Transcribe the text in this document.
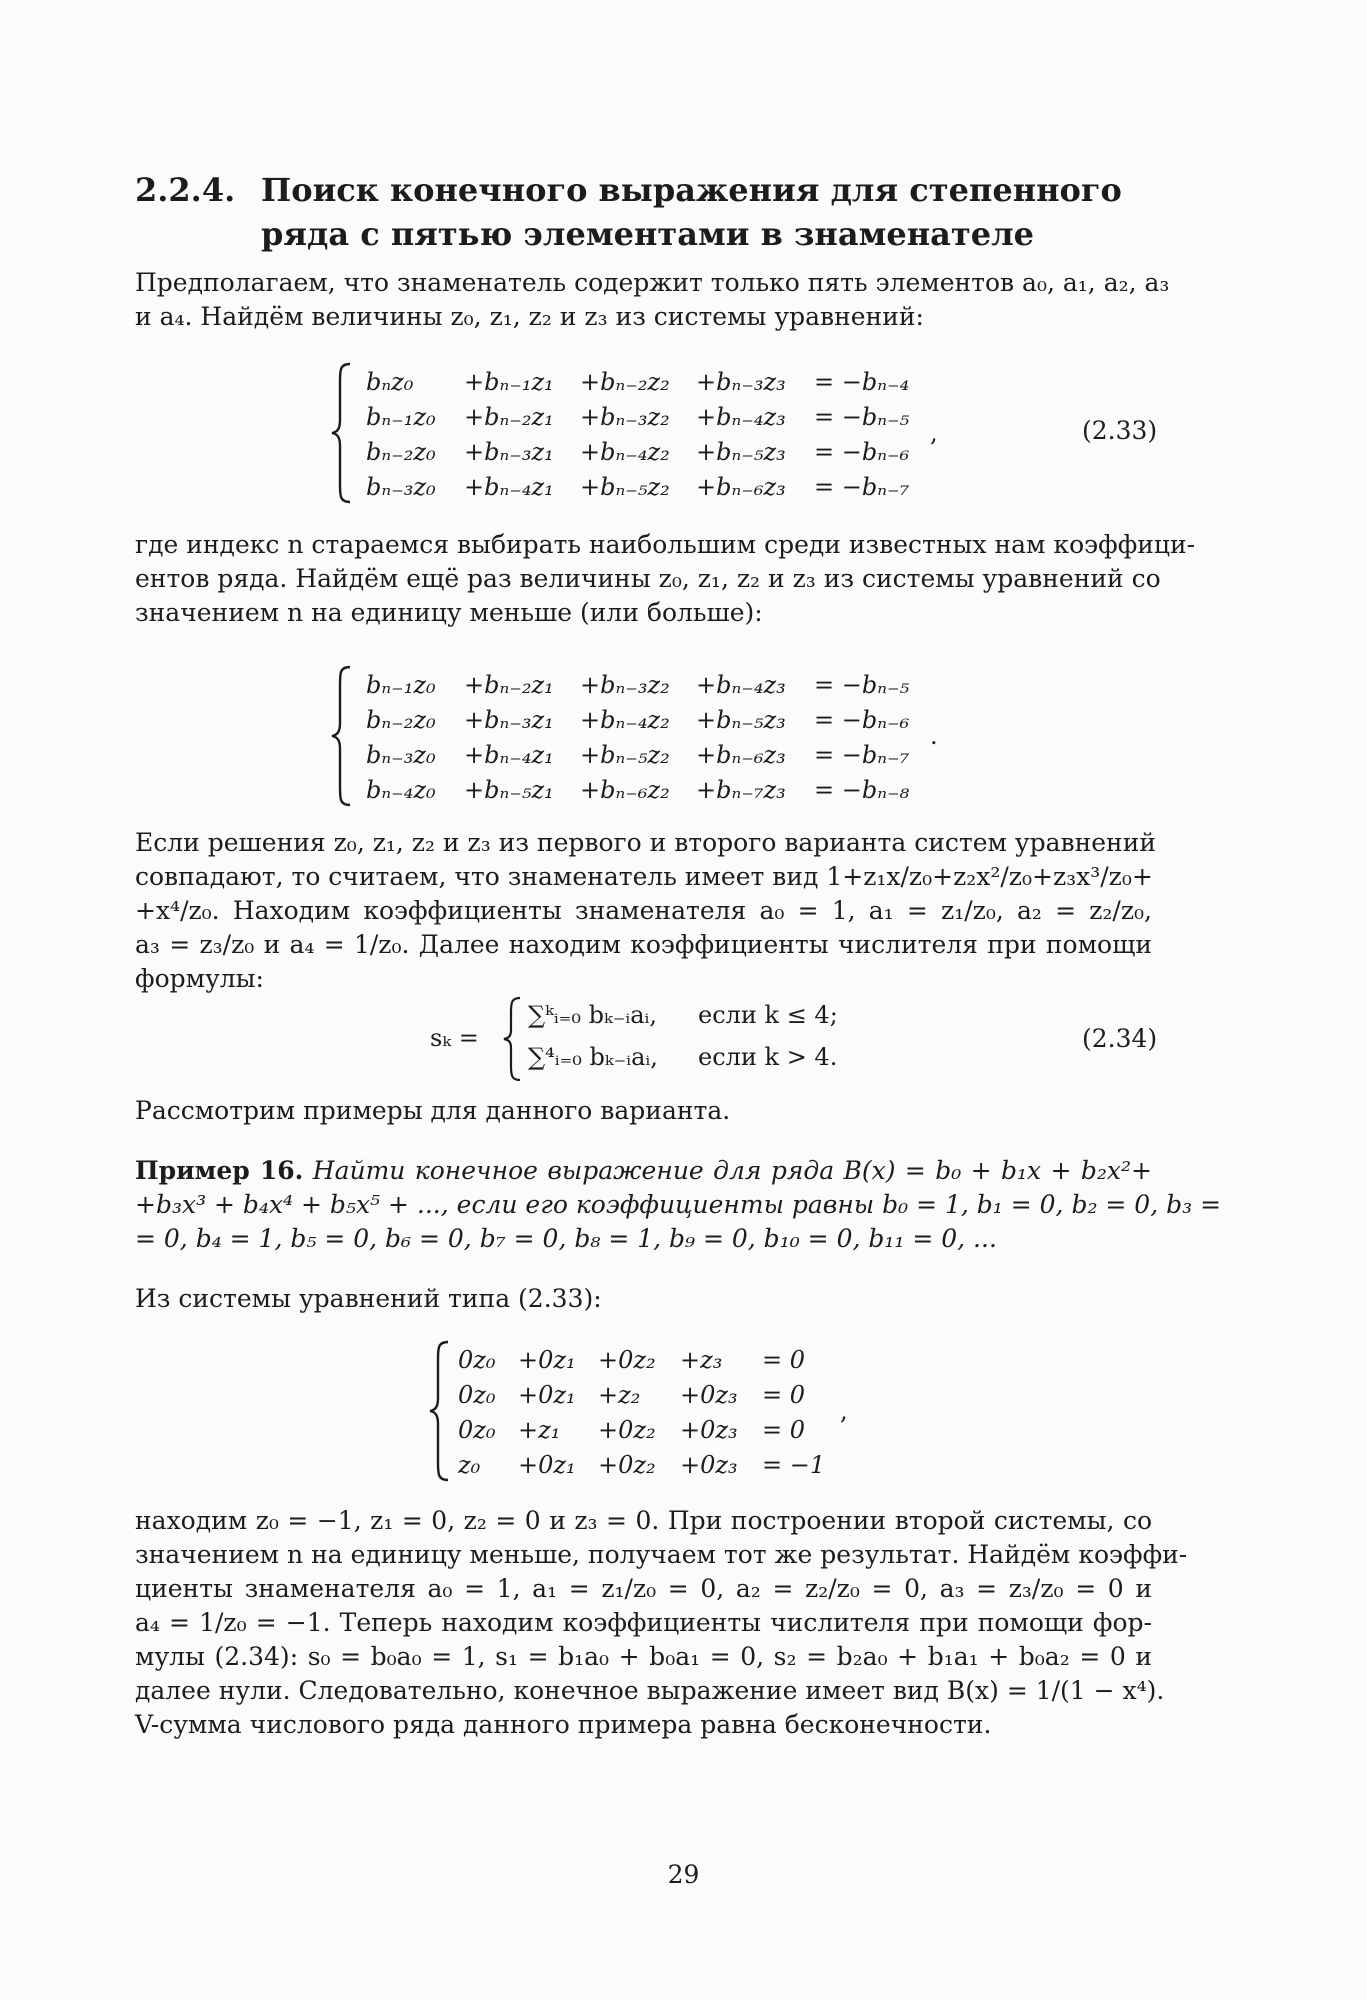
2.2.4. Поиск конечного выражения для степенного
ряда с пятью элементами в знаменателе
Предполагаем, что знаменатель содержит только пять элементов a₀, a₁, a₂, a₃
и a₄. Найдём величины z₀, z₁, z₂ и z₃ из системы уравнений:
bₙz₀ +bₙ₋₁z₁ +bₙ₋₂z₂ +bₙ₋₃z₃ = −bₙ₋₄
bₙ₋₁z₀ +bₙ₋₂z₁ +bₙ₋₃z₂ +bₙ₋₄z₃ = −bₙ₋₅
bₙ₋₂z₀ +bₙ₋₃z₁ +bₙ₋₄z₂ +bₙ₋₅z₃ = −bₙ₋₆
bₙ₋₃z₀ +bₙ₋₄z₁ +bₙ₋₅z₂ +bₙ₋₆z₃ = −bₙ₋₇
,	(2.33)
где индекс n стараемся выбирать наибольшим среди известных нам коэффици-
ентов ряда. Найдём ещё раз величины z₀, z₁, z₂ и z₃ из системы уравнений со
значением n на единицу меньше (или больше):
bₙ₋₁z₀ +bₙ₋₂z₁ +bₙ₋₃z₂ +bₙ₋₄z₃ = −bₙ₋₅
bₙ₋₂z₀ +bₙ₋₃z₁ +bₙ₋₄z₂ +bₙ₋₅z₃ = −bₙ₋₆
bₙ₋₃z₀ +bₙ₋₄z₁ +bₙ₋₅z₂ +bₙ₋₆z₃ = −bₙ₋₇
bₙ₋₄z₀ +bₙ₋₅z₁ +bₙ₋₆z₂ +bₙ₋₇z₃ = −bₙ₋₈
.
Если решения z₀, z₁, z₂ и z₃ из первого и второго варианта систем уравнений
совпадают, то считаем, что знаменатель имеет вид 1+z₁x/z₀+z₂x²/z₀+z₃x³/z₀+
+x⁴/z₀. Находим коэффициенты знаменателя a₀ = 1, a₁ = z₁/z₀, a₂ = z₂/z₀,
a₃ = z₃/z₀ и a₄ = 1/z₀. Далее находим коэффициенты числителя при помощи
формулы:
sₖ =
∑ᵏᵢ₌₀ bₖ₋ᵢaᵢ, если k ≤ 4;
∑⁴ᵢ₌₀ bₖ₋ᵢaᵢ, если k > 4.
(2.34)
Рассмотрим примеры для данного варианта.
Пример 16. Найти конечное выражение для ряда B(x) = b₀ + b₁x + b₂x²+
+b₃x³ + b₄x⁴ + b₅x⁵ + ..., если его коэффициенты равны b₀ = 1, b₁ = 0, b₂ = 0, b₃ =
= 0, b₄ = 1, b₅ = 0, b₆ = 0, b₇ = 0, b₈ = 1, b₉ = 0, b₁₀ = 0, b₁₁ = 0, ...
Из системы уравнений типа (2.33):
0z₀ +0z₁ +0z₂ +z₃ = 0
0z₀ +0z₁ +z₂ +0z₃ = 0
0z₀ +z₁ +0z₂ +0z₃ = 0
z₀ +0z₁ +0z₂ +0z₃ = −1
,
находим z₀ = −1, z₁ = 0, z₂ = 0 и z₃ = 0. При построении второй системы, со
значением n на единицу меньше, получаем тот же результат. Найдём коэффи-
циенты знаменателя a₀ = 1, a₁ = z₁/z₀ = 0, a₂ = z₂/z₀ = 0, a₃ = z₃/z₀ = 0 и
a₄ = 1/z₀ = −1. Теперь находим коэффициенты числителя при помощи фор-
мулы (2.34): s₀ = b₀a₀ = 1, s₁ = b₁a₀ + b₀a₁ = 0, s₂ = b₂a₀ + b₁a₁ + b₀a₂ = 0 и
далее нули. Следовательно, конечное выражение имеет вид B(x) = 1/(1 − x⁴).
V-сумма числового ряда данного примера равна бесконечности.
29
